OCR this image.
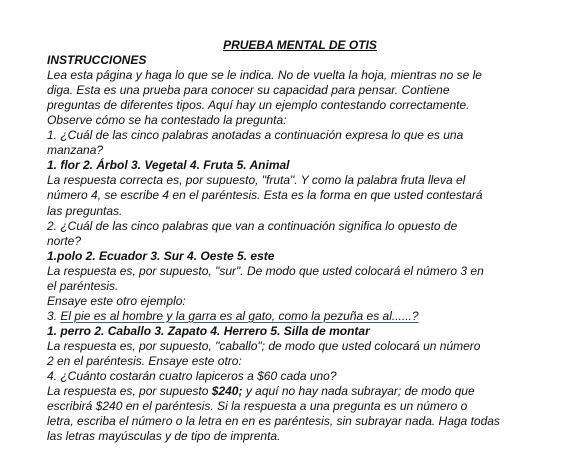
PRUEBA MENTAL DE OTIS
INSTRUCCIONES
Lea esta página y haga lo que se le indica. No de vuelta la hoja, mientras no se le
diga. Esta es una prueba para conocer su capacidad para pensar. Contiene
preguntas de diferentes tipos. Aquí hay un ejemplo contestando correctamente.
Observe cómo se ha contestado la pregunta:
1. ¿Cuál de las cinco palabras anotadas a continuación expresa lo que es una
manzana?
1. flor 2. Árbol 3. Vegetal 4. Fruta 5. Animal
La respuesta correcta es, por supuesto, "fruta". Y como la palabra fruta lleva el
número 4, se escribe 4 en el paréntesis. Esta es la forma en que usted contestará
las preguntas.
2. ¿Cuál de las cinco palabras que van a continuación significa lo opuesto de
norte?
1.polo 2. Ecuador 3. Sur 4. Oeste 5. este
La respuesta es, por supuesto, "sur". De modo que usted colocará el número 3 en
el paréntesis.
Ensaye este otro ejemplo:
3. El pie es al hombre y la garra es al gato, como la pezuña es al......?
1. perro 2. Caballo 3. Zapato 4. Herrero 5. Silla de montar
La respuesta es, por supuesto, "caballo"; de modo que usted colocará un número
2 en el paréntesis. Ensaye este otro:
4. ¿Cuánto costarán cuatro lapiceros a $60 cada uno?
La respuesta es, por supuesto $240; y aquí no hay nada subrayar; de modo que
escribirá $240 en el paréntesis. Si la respuesta a una pregunta es un número o
letra, escriba el número o la letra en en es paréntesis, sin subrayar nada. Haga todas
las letras mayúsculas y de tipo de imprenta.
